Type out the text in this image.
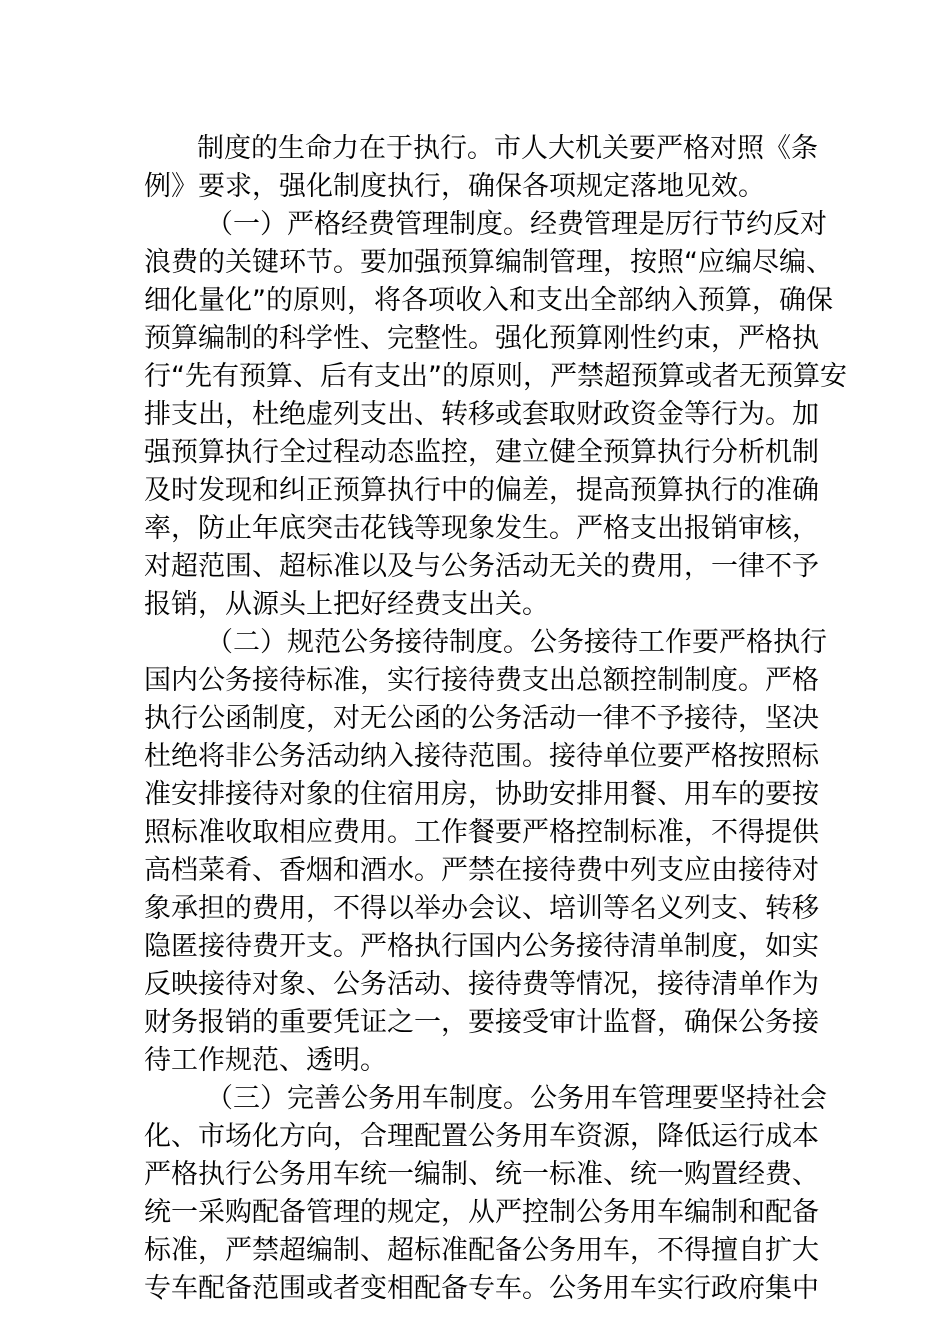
制度的生命力在于执行。市人大机关要严格对照《条
例》要求，强化制度执行，确保各项规定落地见效。
（一）严格经费管理制度。经费管理是厉行节约反对
浪费的关键环节。要加强预算编制管理，按照“应编尽编、
细化量化”的原则，将各项收入和支出全部纳入预算，确保
预算编制的科学性、完整性。强化预算刚性约束，严格执
行“先有预算、后有支出”的原则，严禁超预算或者无预算安
排支出，杜绝虚列支出、转移或套取财政资金等行为。加
强预算执行全过程动态监控，建立健全预算执行分析机制
及时发现和纠正预算执行中的偏差，提高预算执行的准确
率，防止年底突击花钱等现象发生。严格支出报销审核，
对超范围、超标准以及与公务活动无关的费用，一律不予
报销，从源头上把好经费支出关。
（二）规范公务接待制度。公务接待工作要严格执行
国内公务接待标准，实行接待费支出总额控制制度。严格
执行公函制度，对无公函的公务活动一律不予接待，坚决
杜绝将非公务活动纳入接待范围。接待单位要严格按照标
准安排接待对象的住宿用房，协助安排用餐、用车的要按
照标准收取相应费用。工作餐要严格控制标准，不得提供
高档菜肴、香烟和酒水。严禁在接待费中列支应由接待对
象承担的费用，不得以举办会议、培训等名义列支、转移
隐匿接待费开支。严格执行国内公务接待清单制度，如实
反映接待对象、公务活动、接待费等情况，接待清单作为
财务报销的重要凭证之一，要接受审计监督，确保公务接
待工作规范、透明。
（三）完善公务用车制度。公务用车管理要坚持社会
化、市场化方向，合理配置公务用车资源，降低运行成本
严格执行公务用车统一编制、统一标准、统一购置经费、
统一采购配备管理的规定，从严控制公务用车编制和配备
标准，严禁超编制、超标准配备公务用车，不得擅自扩大
专车配备范围或者变相配备专车。公务用车实行政府集中
